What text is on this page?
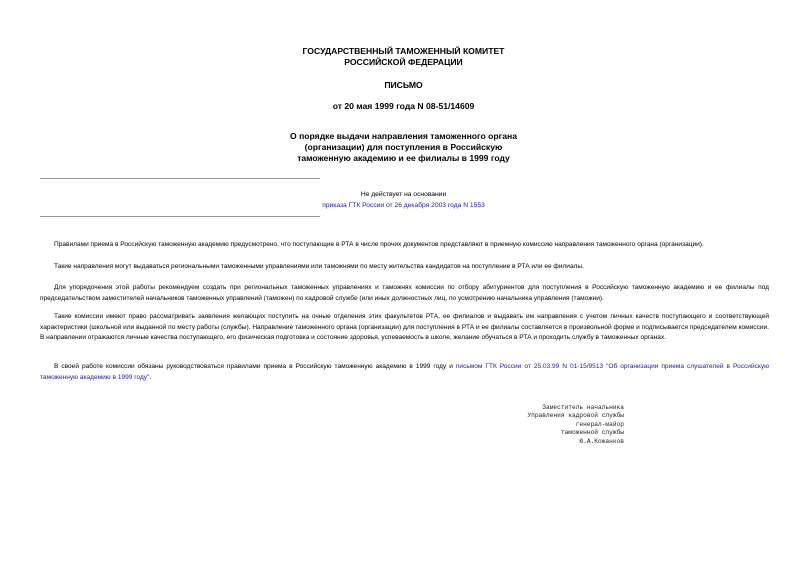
ГОСУДАРСТВЕННЫЙ ТАМОЖЕННЫЙ КОМИТЕТ
РОССИЙСКОЙ ФЕДЕРАЦИИ
ПИСЬМО
от 20 мая 1999 года N 08-51/14609
О порядке выдачи направления таможенного органа
(организации) для поступления в Российскую
таможенную академию и ее филиалы в 1999 году
Не действует на основании
приказа ГТК России от 26 декабря 2003 года N 1553

Правилами приема в Российскую таможенную академию предусмотрено, что поступающие в РТА в числе прочих документов представляют в приемную комиссию направления таможенного органа (организации).

Такие направления могут выдаваться региональными таможенными управлениями или таможнями по месту жительства кандидатов на поступление в РТА или ее филиалы.

Для упорядочения этой работы рекомендуем создать при региональных таможенных управлениях и таможнях комиссии по отбору абитуриентов для поступления в Российскую таможенную академию и ее филиалы под председательством заместителей начальников таможенных управлений (таможен) по кадровой службе (или иных должностных лиц, по усмотрению начальника управления (таможни).

Такие комиссии имеют право рассматривать заявления желающих поступить на очные отделения этих факультетов РТА, ее филиалов и выдавать им направления с учетом личных качеств поступающего и соответствующей характеристики (школьной или выданной по месту работы (службы). Направление таможенного органа (организации) для поступления в РТА и ее филиалы составляется в произвольной форме и подписывается председателем комиссии. В направлении отражаются личные качества поступающего, его физическая подготовка и состояние здоровья, успеваемость в школе, желание обучаться в РТА и проходить службу в таможенных органах.

В своей работе комиссии обязаны руководствоваться правилами приема в Российскую таможенную академию в 1999 году и письмом ГТК России от 25.03.99 N 01-15/9513 "Об организации приема слушателей в Российскую таможенную академию в 1999 году".

Заместитель начальника
Управления кадровой службы
генерал-майор
таможенной службы
Ю.А.Кожанков
